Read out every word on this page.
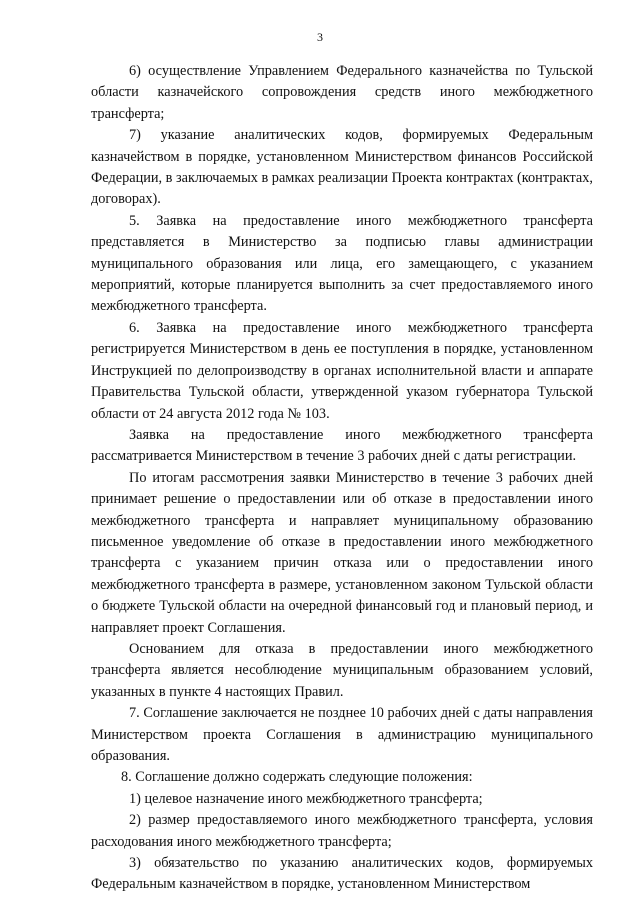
3

6) осуществление Управлением Федерального казначейства по Тульской области казначейского сопровождения средств иного межбюджетного трансферта;

7) указание аналитических кодов, формируемых Федеральным казначейством в порядке, установленном Министерством финансов Российской Федерации, в заключаемых в рамках реализации Проекта контрактах (контрактах, договорах).

5. Заявка на предоставление иного межбюджетного трансферта представляется в Министерство за подписью главы администрации муниципального образования или лица, его замещающего, с указанием мероприятий, которые планируется выполнить за счет предоставляемого иного межбюджетного трансферта.

6. Заявка на предоставление иного межбюджетного трансферта регистрируется Министерством в день ее поступления в порядке, установленном Инструкцией по делопроизводству в органах исполнительной власти и аппарате Правительства Тульской области, утвержденной указом губернатора Тульской области от 24 августа 2012 года № 103.

Заявка на предоставление иного межбюджетного трансферта рассматривается Министерством в течение 3 рабочих дней с даты регистрации.

По итогам рассмотрения заявки Министерство в течение 3 рабочих дней принимает решение о предоставлении или об отказе в предоставлении иного межбюджетного трансферта и направляет муниципальному образованию письменное уведомление об отказе в предоставлении иного межбюджетного трансферта с указанием причин отказа или о предоставлении иного межбюджетного трансферта в размере, установленном законом Тульской области о бюджете Тульской области на очередной финансовый год и плановый период, и направляет проект Соглашения.

Основанием для отказа в предоставлении иного межбюджетного трансферта является несоблюдение муниципальным образованием условий, указанных в пункте 4 настоящих Правил.

7. Соглашение заключается не позднее 10 рабочих дней с даты направления Министерством проекта Соглашения в администрацию муниципального образования.

8. Соглашение должно содержать следующие положения:

1) целевое назначение иного межбюджетного трансферта;

2) размер предоставляемого иного межбюджетного трансферта, условия расходования иного межбюджетного трансферта;

3) обязательство по указанию аналитических кодов, формируемых Федеральным казначейством в порядке, установленном Министерством
